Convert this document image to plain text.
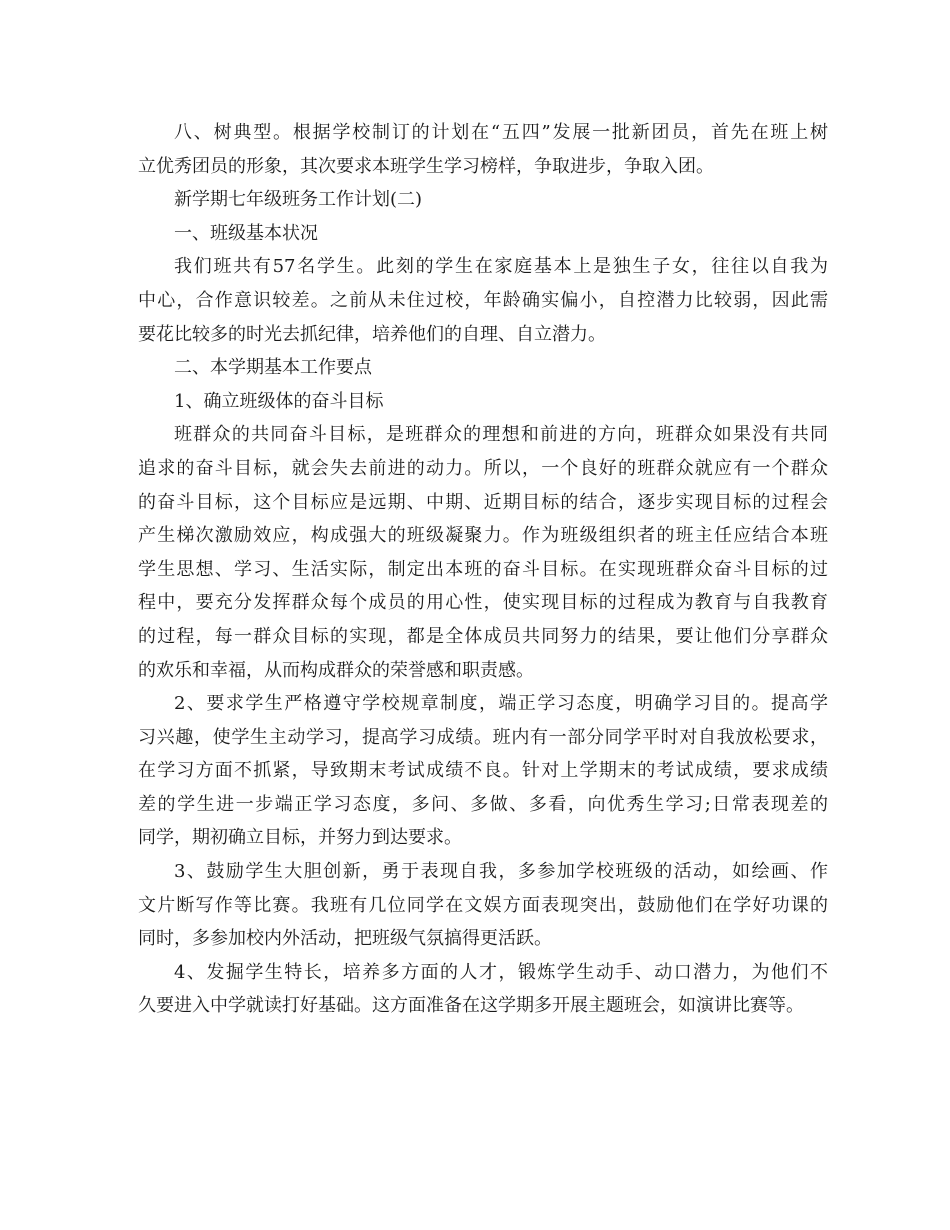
八、树典型。根据学校制订的计划在“五四”发展一批新团员，首先在班上树
立优秀团员的形象，其次要求本班学生学习榜样，争取进步，争取入团。
新学期七年级班务工作计划(二)
一、班级基本状况
我们班共有57名学生。此刻的学生在家庭基本上是独生子女，往往以自我为
中心，合作意识较差。之前从未住过校，年龄确实偏小，自控潜力比较弱，因此需
要花比较多的时光去抓纪律，培养他们的自理、自立潜力。
二、本学期基本工作要点
1、确立班级体的奋斗目标
班群众的共同奋斗目标，是班群众的理想和前进的方向，班群众如果没有共同
追求的奋斗目标，就会失去前进的动力。所以，一个良好的班群众就应有一个群众
的奋斗目标，这个目标应是远期、中期、近期目标的结合，逐步实现目标的过程会
产生梯次激励效应，构成强大的班级凝聚力。作为班级组织者的班主任应结合本班
学生思想、学习、生活实际，制定出本班的奋斗目标。在实现班群众奋斗目标的过
程中，要充分发挥群众每个成员的用心性，使实现目标的过程成为教育与自我教育
的过程，每一群众目标的实现，都是全体成员共同努力的结果，要让他们分享群众
的欢乐和幸福，从而构成群众的荣誉感和职责感。
2、要求学生严格遵守学校规章制度，端正学习态度，明确学习目的。提高学
习兴趣，使学生主动学习，提高学习成绩。班内有一部分同学平时对自我放松要求，
在学习方面不抓紧，导致期末考试成绩不良。针对上学期末的考试成绩，要求成绩
差的学生进一步端正学习态度，多问、多做、多看，向优秀生学习;日常表现差的
同学，期初确立目标，并努力到达要求。
3、鼓励学生大胆创新，勇于表现自我，多参加学校班级的活动，如绘画、作
文片断写作等比赛。我班有几位同学在文娱方面表现突出，鼓励他们在学好功课的
同时，多参加校内外活动，把班级气氛搞得更活跃。
4、发掘学生特长，培养多方面的人才，锻炼学生动手、动口潜力，为他们不
久要进入中学就读打好基础。这方面准备在这学期多开展主题班会，如演讲比赛等。
